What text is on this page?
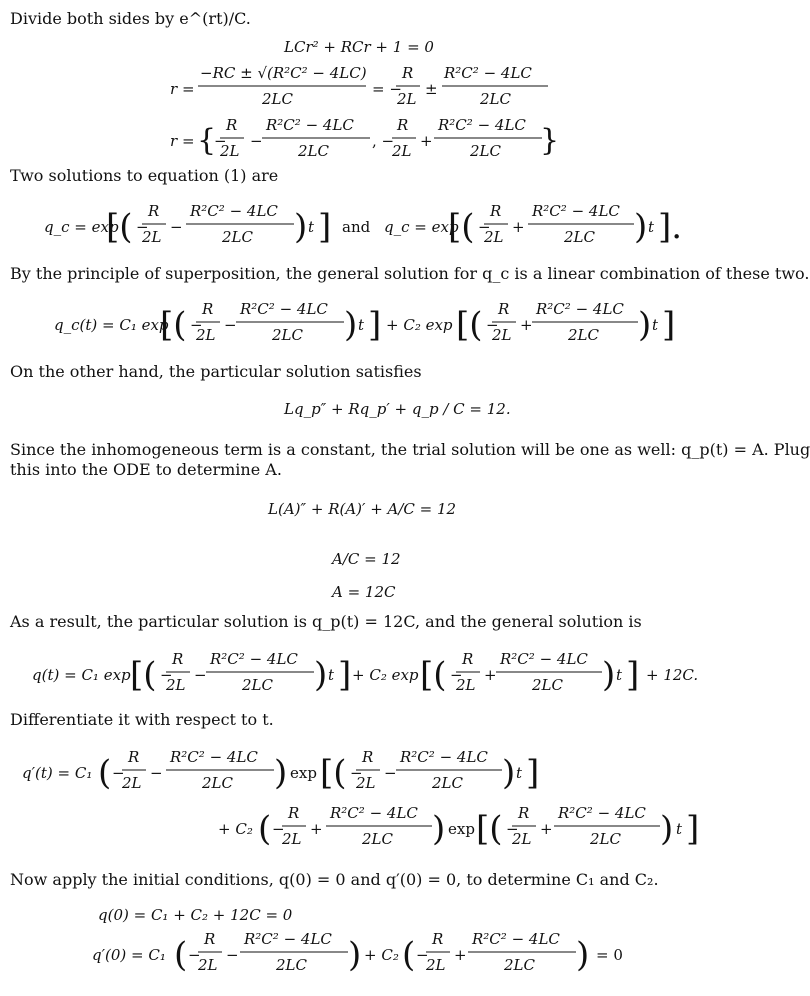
Divide both sides by e^(rt)/C.
Two solutions to equation (1) are
By the principle of superposition, the general solution for q_c is a linear combination of these two.
On the other hand, the particular solution satisfies
Since the inhomogeneous term is a constant, the trial solution will be one as well: q_p(t) = A. Plug
this into the ODE to determine A.
As a result, the particular solution is q_p(t) = 12C, and the general solution is
Differentiate it with respect to t.
Now apply the initial conditions, q(0) = 0 and q′(0) = 0, to determine C₁ and C₂.
LCr² + RCr + 1 = 0
r =
−RC ± √(R²C² − 4LC)
2LC
= −
R
2L
±
R²C² − 4LC
2LC
r = {
−
R
2L
−
R²C² − 4LC
2LC
, −
R
2L
+
R²C² − 4LC
2LC }
q_c = exp
[( −
R
2L
−
R²C² − 4LC
2LC ) t ] and q_c = exp
[( −
R
2L
+
R²C² − 4LC
2LC ) t ].
q_c(t) = C₁ exp
[( −
R
2L
−
R²C² − 4LC
2LC ) t ] + C₂ exp [( −
R
2L
+
R²C² − 4LC
2LC ) t ]
Lq_p″ + Rq_p′ + q_p / C = 12.
L(A)″ + R(A)′ + A/C = 12
A/C = 12
A = 12C
q(t) = C₁ exp [( −
R
2L
−
R²C² − 4LC
2LC ) t ] + C₂ exp [( −
R
2L
+
R²C² − 4LC
2LC ) t ] + 12C.
q′(t) = C₁ ( −
R
2L
−
R²C² − 4LC
2LC ) exp [( −
R
2L
−
R²C² − 4LC
2LC ) t ]
+ C₂ ( −
R
2L
+
R²C² − 4LC
2LC ) exp [( −
R
2L
+
R²C² − 4LC
2LC ) t ]
q(0) = C₁ + C₂ + 12C = 0
q′(0) = C₁ ( −
R
2L
−
R²C² − 4LC
2LC ) + C₂ ( −
R
2L
+
R²C² − 4LC
2LC ) = 0
